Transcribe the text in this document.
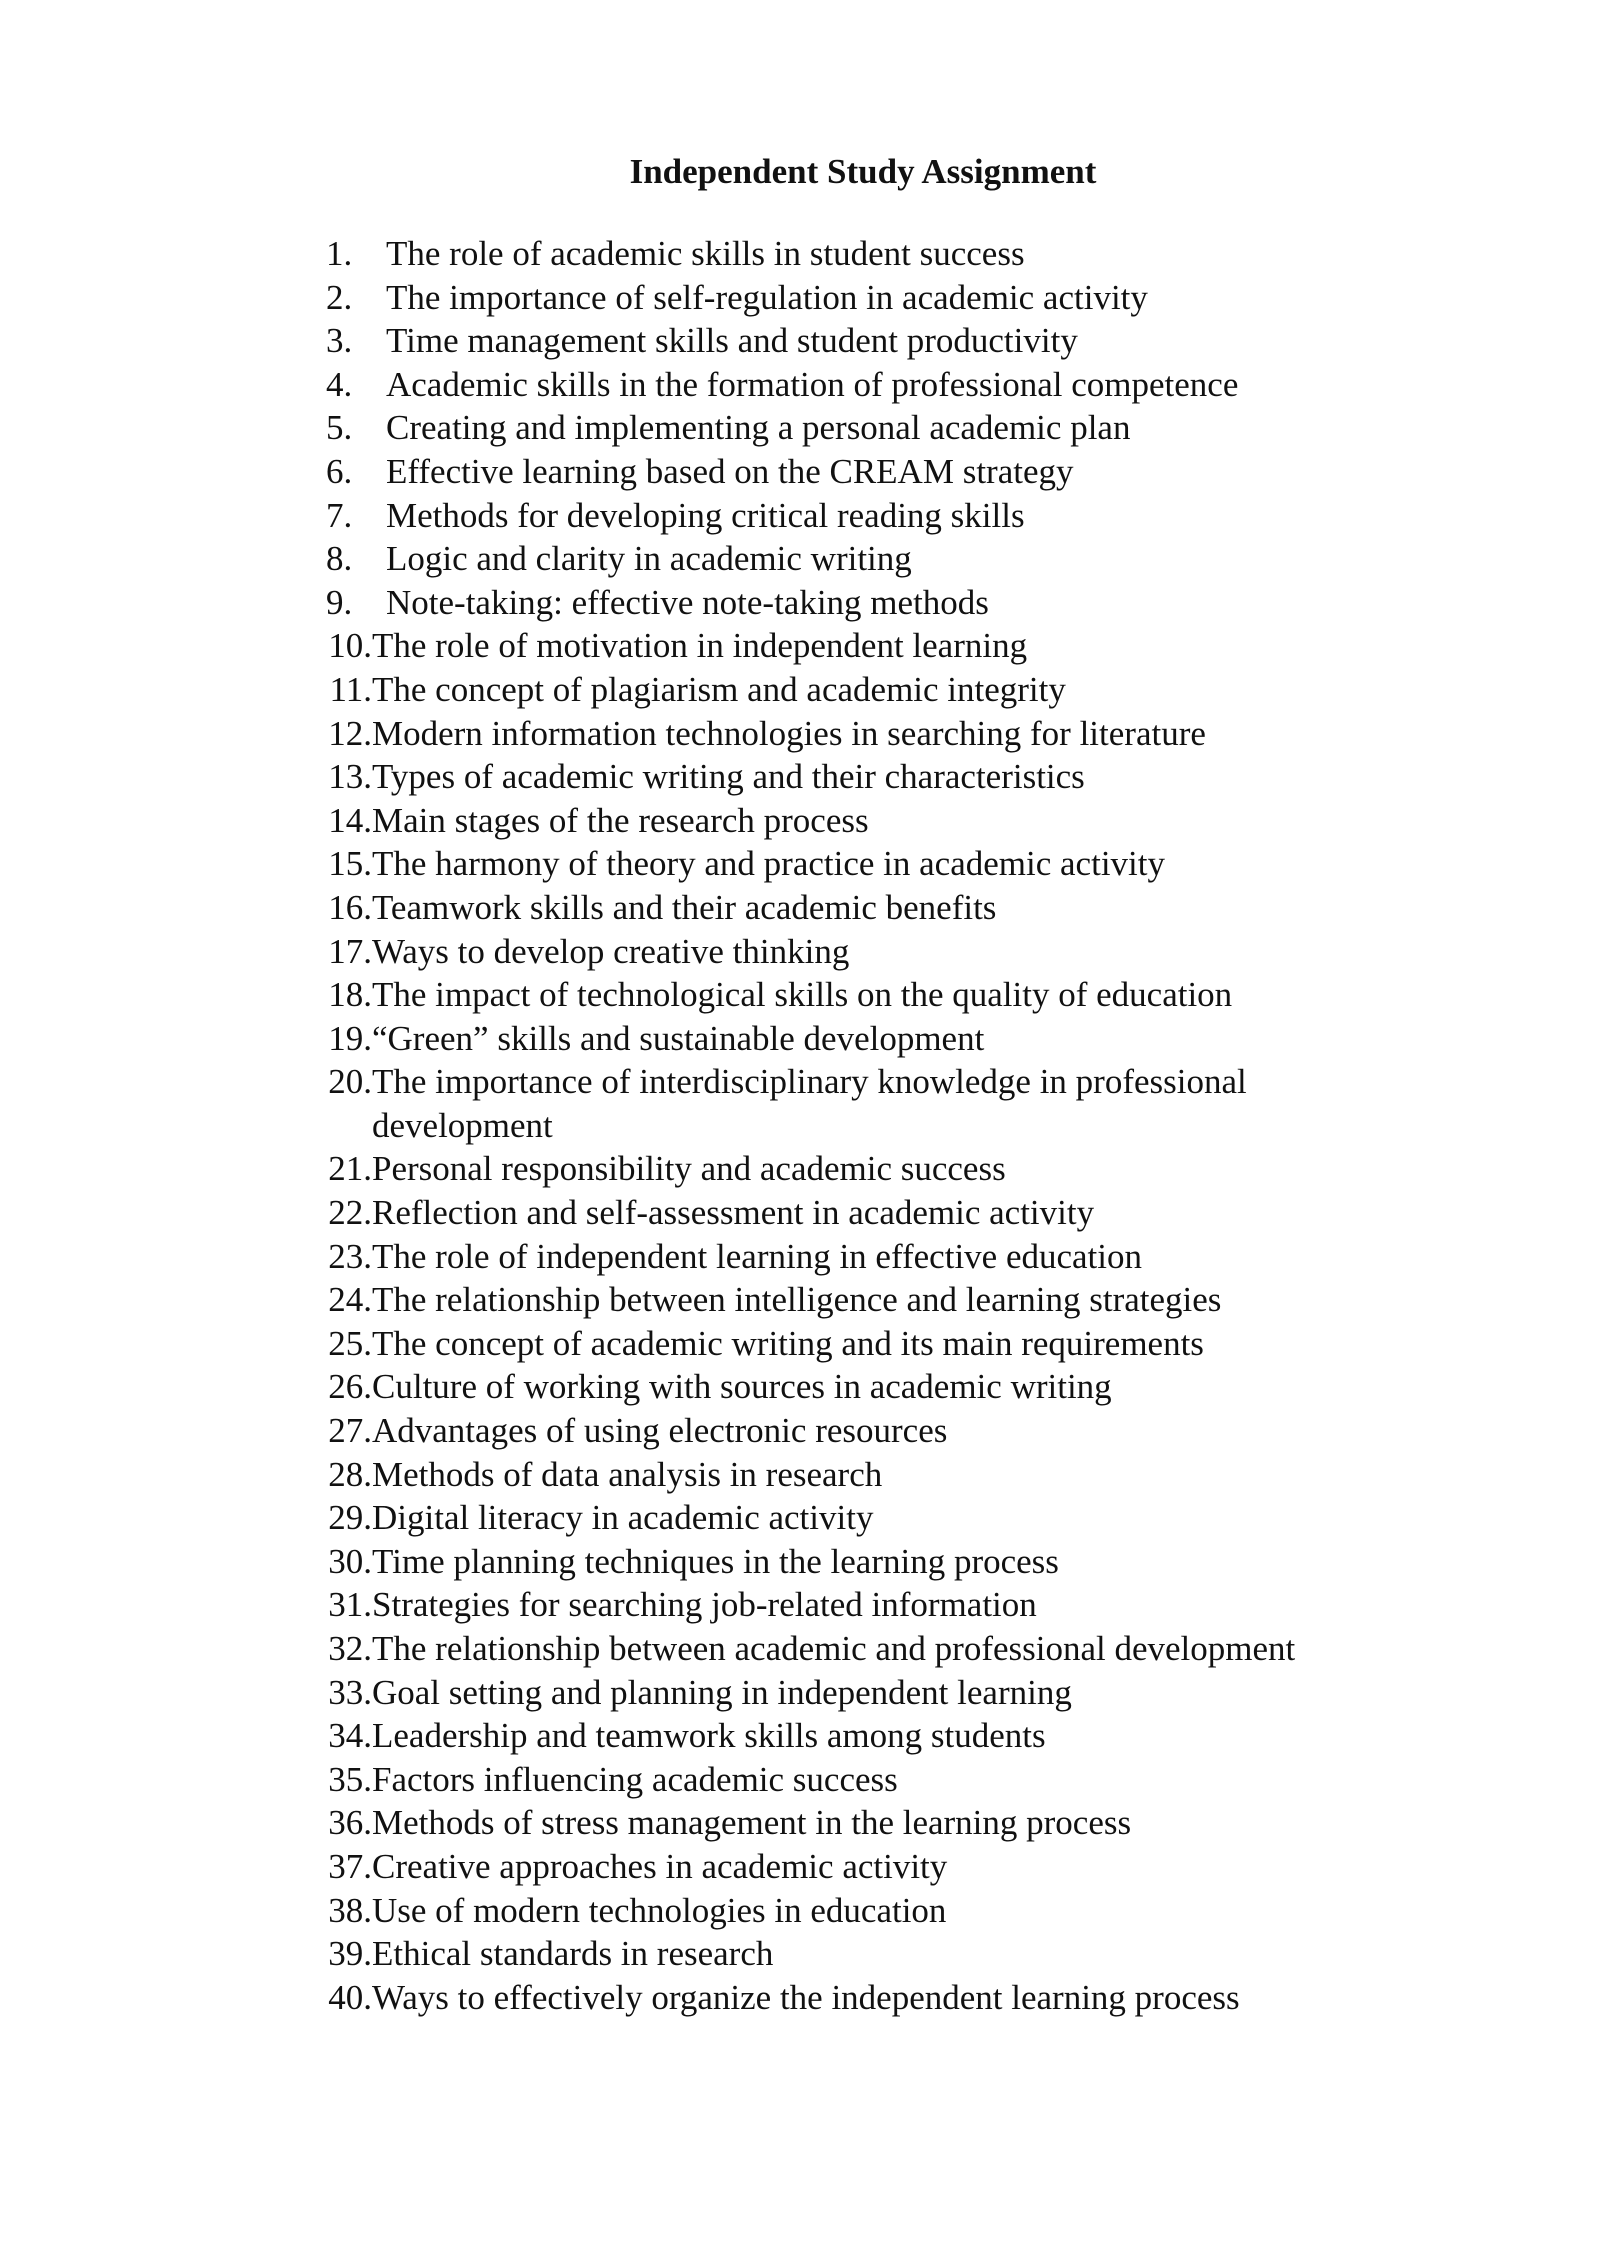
Independent Study Assignment
1. The role of academic skills in student success
2. The importance of self-regulation in academic activity
3. Time management skills and student productivity
4. Academic skills in the formation of professional competence
5. Creating and implementing a personal academic plan
6. Effective learning based on the CREAM strategy
7. Methods for developing critical reading skills
8. Logic and clarity in academic writing
9. Note-taking: effective note-taking methods
10. The role of motivation in independent learning
11. The concept of plagiarism and academic integrity
12. Modern information technologies in searching for literature
13. Types of academic writing and their characteristics
14. Main stages of the research process
15. The harmony of theory and practice in academic activity
16. Teamwork skills and their academic benefits
17. Ways to develop creative thinking
18. The impact of technological skills on the quality of education
19. “Green” skills and sustainable development
20. The importance of interdisciplinary knowledge in professional development
21. Personal responsibility and academic success
22. Reflection and self-assessment in academic activity
23. The role of independent learning in effective education
24. The relationship between intelligence and learning strategies
25. The concept of academic writing and its main requirements
26. Culture of working with sources in academic writing
27. Advantages of using electronic resources
28. Methods of data analysis in research
29. Digital literacy in academic activity
30. Time planning techniques in the learning process
31. Strategies for searching job-related information
32. The relationship between academic and professional development
33. Goal setting and planning in independent learning
34. Leadership and teamwork skills among students
35. Factors influencing academic success
36. Methods of stress management in the learning process
37. Creative approaches in academic activity
38. Use of modern technologies in education
39. Ethical standards in research
40. Ways to effectively organize the independent learning process
